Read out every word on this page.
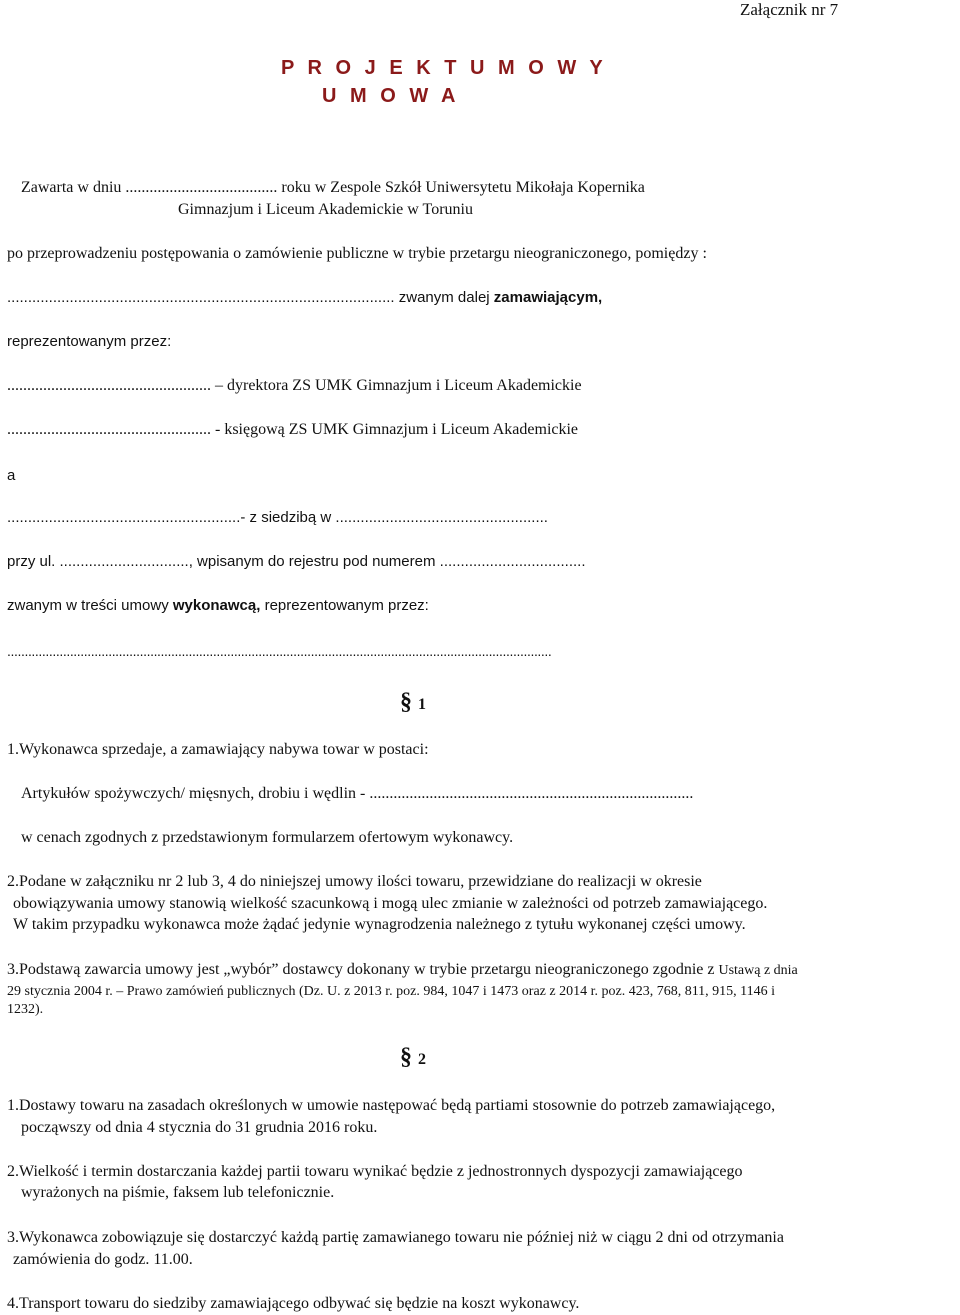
Załącznik nr 7
P R O J E K T U M O W Y
U M O W A
Zawarta w dniu ...................................... roku w Zespole Szkół Uniwersytetu Mikołaja Kopernika
Gimnazjum i Liceum Akademickie w Toruniu
po przeprowadzeniu postępowania o zamówienie publiczne w trybie przetargu nieograniczonego, pomiędzy :
............................................................................................. zwanym dalej zamawiającym,
reprezentowanym przez:
................................................... – dyrektora ZS UMK Gimnazjum i Liceum Akademickie
................................................... - księgową ZS UMK Gimnazjum i Liceum Akademickie
a
........................................................- z siedzibą w ...................................................
przy ul. ..............................., wpisanym do rejestru pod numerem ...................................
zwanym w treści umowy wykonawcą, reprezentowanym przez:
............................................................................................................................................................
§ 1
1.Wykonawca sprzedaje, a zamawiający nabywa towar w postaci:
Artykułów spożywczych/ mięsnych, drobiu i wędlin - .................................................................................
w cenach zgodnych z przedstawionym formularzem ofertowym wykonawcy.
2.Podane w załączniku nr 2 lub 3, 4 do niniejszej umowy ilości towaru, przewidziane do realizacji w okresie
obowiązywania umowy stanowią wielkość szacunkową i mogą ulec zmianie w zależności od potrzeb zamawiającego.
W takim przypadku wykonawca może żądać jedynie wynagrodzenia należnego z tytułu wykonanej części umowy.
3.Podstawą zawarcia umowy jest „wybór” dostawcy dokonany w trybie przetargu nieograniczonego zgodnie z Ustawą z dnia
29 stycznia 2004 r. – Prawo zamówień publicznych (Dz. U. z 2013 r. poz. 984, 1047 i 1473 oraz z 2014 r. poz. 423, 768, 811, 915, 1146 i
1232).
§ 2
1.Dostawy towaru na zasadach określonych w umowie następować będą partiami stosownie do potrzeb zamawiającego,
począwszy od dnia 4 stycznia do 31 grudnia 2016 roku.
2.Wielkość i termin dostarczania każdej partii towaru wynikać będzie z jednostronnych dyspozycji zamawiającego
wyrażonych na piśmie, faksem lub telefonicznie.
3.Wykonawca zobowiązuje się dostarczyć każdą partię zamawianego towaru nie później niż w ciągu 2 dni od otrzymania
zamówienia do godz. 11.00.
4.Transport towaru do siedziby zamawiającego odbywać się będzie na koszt wykonawcy.
